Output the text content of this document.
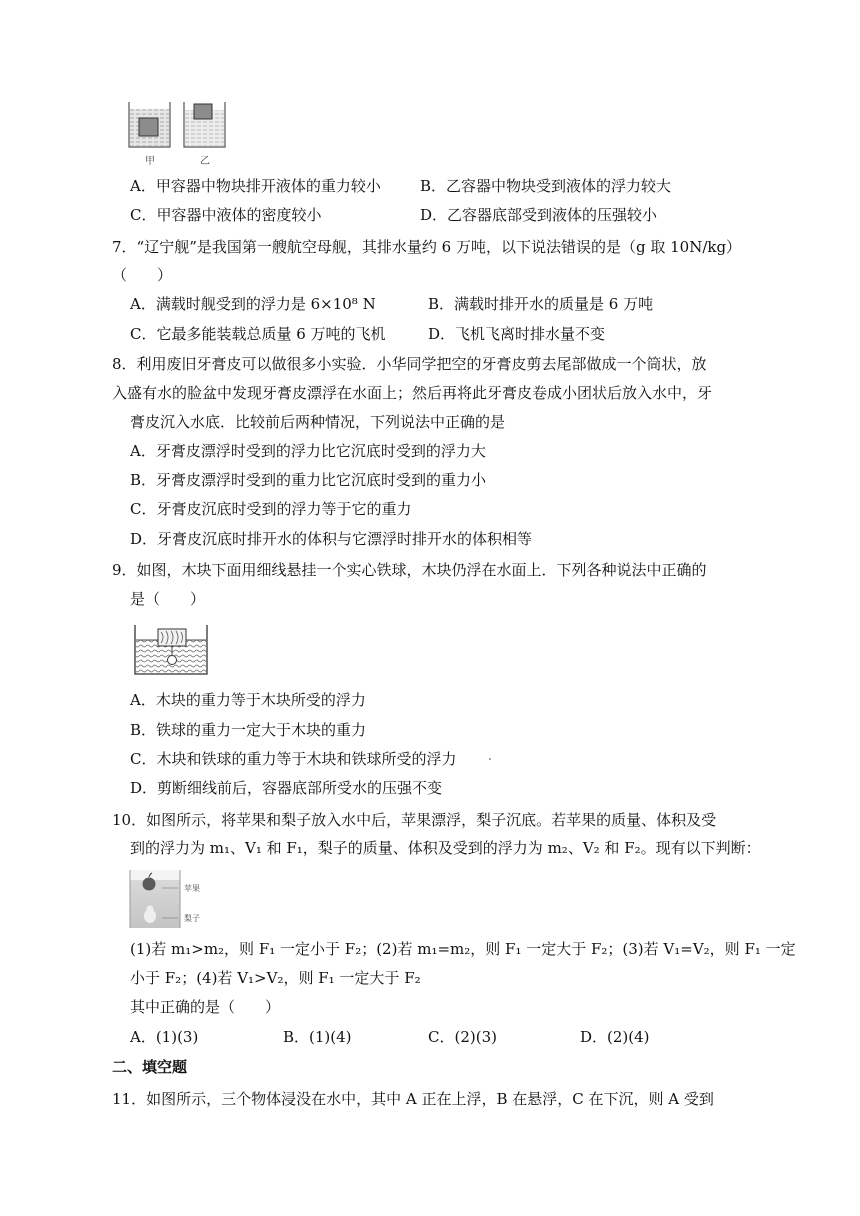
甲	乙
A．甲容器中物块排开液体的重力较小	B．乙容器中物块受到液体的浮力较大
C．甲容器中液体的密度较小	D．乙容器底部受到液体的压强较小
7．“辽宁舰”是我国第一艘航空母舰，其排水量约 6 万吨，以下说法错误的是（g 取 10N/kg）
（　　）
A．满载时舰受到的浮力是 6×10⁸ N	B．满载时排开水的质量是 6 万吨
C．它最多能装载总质量 6 万吨的飞机	D．飞机飞离时排水量不变
8．利用废旧牙膏皮可以做很多小实验．小华同学把空的牙膏皮剪去尾部做成一个筒状，放
入盛有水的脸盆中发现牙膏皮漂浮在水面上；然后再将此牙膏皮卷成小团状后放入水中，牙
膏皮沉入水底．比较前后两种情况，下列说法中正确的是
A．牙膏皮漂浮时受到的浮力比它沉底时受到的浮力大
B．牙膏皮漂浮时受到的重力比它沉底时受到的重力小
C．牙膏皮沉底时受到的浮力等于它的重力
D．牙膏皮沉底时排开水的体积与它漂浮时排开水的体积相等
9．如图，木块下面用细线悬挂一个实心铁球，木块仍浮在水面上．下列各种说法中正确的
是（　　）
A．木块的重力等于木块所受的浮力
B．铁球的重力一定大于木块的重力
C．木块和铁球的重力等于木块和铁球所受的浮力
D．剪断细线前后，容器底部所受水的压强不变
10．如图所示，将苹果和梨子放入水中后，苹果漂浮，梨子沉底。若苹果的质量、体积及受
到的浮力为 m₁、V₁ 和 F₁，梨子的质量、体积及受到的浮力为 m₂、V₂ 和 F₂。现有以下判断：
苹果
梨子
(1)若 m₁>m₂，则 F₁ 一定小于 F₂；(2)若 m₁=m₂，则 F₁ 一定大于 F₂；(3)若 V₁=V₂，则 F₁ 一定
小于 F₂；(4)若 V₁>V₂，则 F₁ 一定大于 F₂
其中正确的是（　　）
A．(1)(3)	B．(1)(4)	C．(2)(3)	D．(2)(4)
二、填空题
11．如图所示，三个物体浸没在水中，其中 A 正在上浮，B 在悬浮，C 在下沉，则 A 受到
